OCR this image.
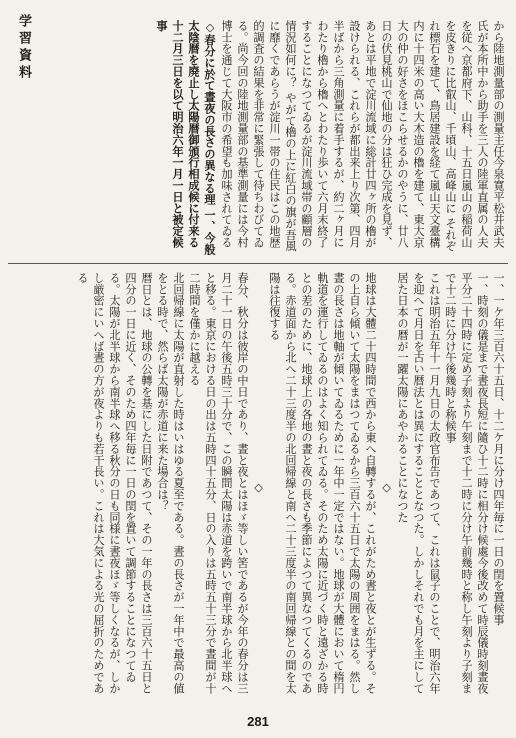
学習資料	から陸地測量部の測量主任今泉寛平松井武夫氏が本所中から助手を三人の陸軍直属の人夫を従へ京都府下、山科、十五日嵐山の稲荷山を皮きりに比叡山、千頃山、高峰山に それぞれ標石を建て、鳥居建設を経て嵐山天文臺構内に十四米の高い大木造の櫓を建て、東大京大の仲の好さをほこらせるかのやうに、廿八日の伏見桃山で仙地の分は狂ひ完成を見ず、あとは平地で淀川流域に総計廿四ヶ所の櫓が設けられる、これらが都出来上り次第、四月半ばから三角測量に着手するが、約二ヶ月にわたり櫓から櫓へとわたり歩いて六月末終了することになつてゐるが淀川流域帯の顧層の情況如何に？ やがて櫓の上に紅白の旗が吾風に靡くであらうが淀川一帯の住民はこの地歴的調査の結果を非常に緊張して待ちわびてゐる。尚今回の陸地測量部の基準測量には今村博士を通じて大阪市の希望も加味されてゐる

◇春分に於て晝夜の長さの異なる理 一、今般太陰暦を廃止し太陽暦御頒行相成候に付来る十二月三日を以て明治六年一月一日と被定候事

一、一ケ年三百六十五日、十二ケ月に分け四年毎に一日の閏を置候事

一、時刻の儀是まで晝夜長短に隨ひ十二時に相分け候處今後改めて時辰儀時刻晝夜平分二十四時に定め子刻より午刻まで十二時に分け午前幾時と称し午刻より子刻まで十二時に分け午後幾時と称候事

これは明治五年十一月九日の太政官布告であつて、これは鼠子のことで、明治六年を迎へて月日を古い暦法とは異にすることとなつた。しかしそれでも月を主にして居た日本の暦が一躍太陽にあやかることになつた

◇

地球は大體二十四時間で西から東へ自轉するが、これがため晝と夜とが生ずる。その上自ら傾いて太陽をまはつてゐるから三百六十五日で太陽の周囲をまはる。然し晝の長さは地軸が傾いてゐるために一年中一定ではない。地球が大體において楕円軌道を運行してゐるのはよく知られてゐる。そのため太陽に近づく時と遠ざかる時との差のために、地球上の各地の晝と夜の長さも季節によつて異なつてくるのである。赤道面から北へ二十三度半の北回帰線と南へ二十三度半の南回帰線との間を太陽は往復する

◇

春分、秋分は彼岸の中日であり、晝と夜とはほゞ等しい筈であるが今年の春分は三月二十一日の午後五時三十分で、この瞬間太陽は赤道を跨いで南半球から北半球へと移る。東京における日の出は五時四十五分、日の入りは五時五十三分で晝間が十二時間を僅かに越える

北回帰線に太陽が直射した時はいはゆる夏至である。晝の長さが一年中で最高の値をとる時で、然らば太陽が赤道に来た場合は？

暦日とは、地球の公轉を基にした日附であつて、その一年の長さは三百六十五日と四分の一日に近く、そのため四年毎に一日の閏を置いて調節することになつてゐる。太陽が北半球から南半球へ移る秋分の日も同様に晝夜ほゞ等しくなるが、しかし厳密にいへば晝の方が夜よりも若干長い。これは大気による光の屈折のためである

281
